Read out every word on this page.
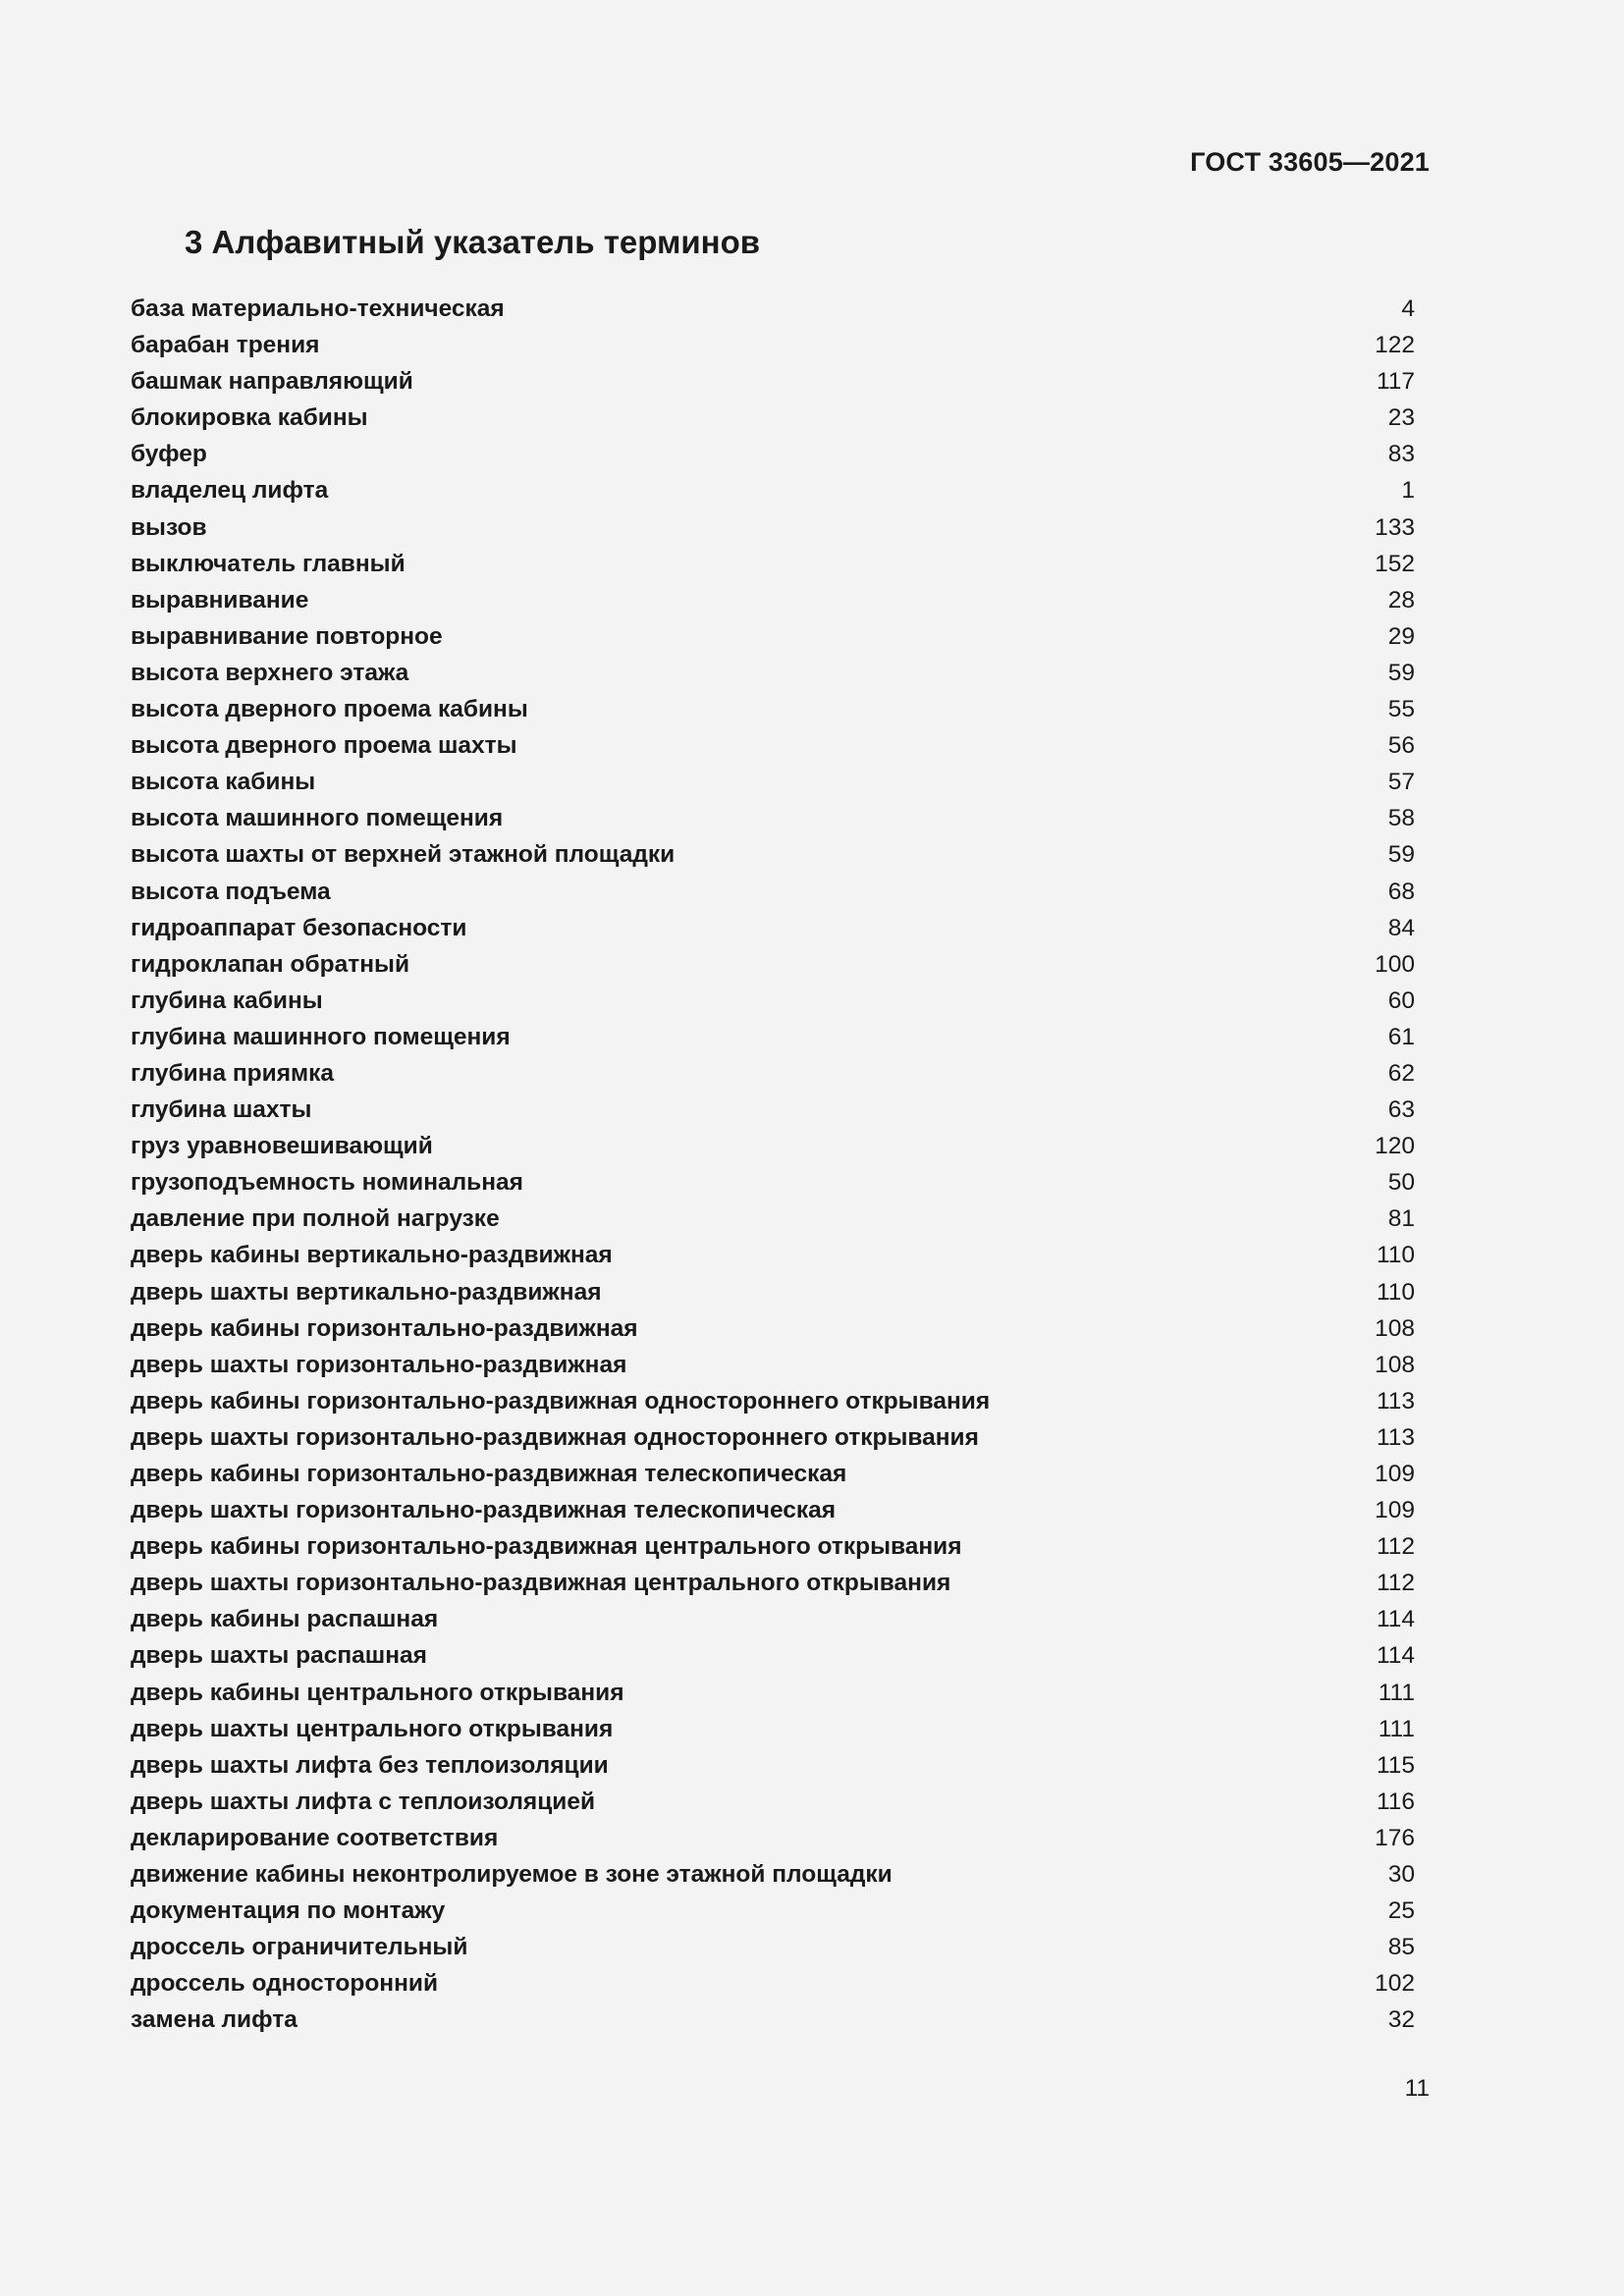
ГОСТ 33605—2021
3 Алфавитный указатель терминов
база материально-техническая	4
барабан трения	122
башмак направляющий	117
блокировка кабины	23
буфер	83
владелец лифта	1
вызов	133
выключатель главный	152
выравнивание	28
выравнивание повторное	29
высота верхнего этажа	59
высота дверного проема кабины	55
высота дверного проема шахты	56
высота кабины	57
высота машинного помещения	58
высота шахты от верхней этажной площадки	59
высота подъема	68
гидроаппарат безопасности	84
гидроклапан обратный	100
глубина кабины	60
глубина машинного помещения	61
глубина приямка	62
глубина шахты	63
груз уравновешивающий	120
грузоподъемность номинальная	50
давление при полной нагрузке	81
дверь кабины вертикально-раздвижная	110
дверь шахты вертикально-раздвижная	110
дверь кабины горизонтально-раздвижная	108
дверь шахты горизонтально-раздвижная	108
дверь кабины горизонтально-раздвижная одностороннего открывания	113
дверь шахты горизонтально-раздвижная одностороннего открывания	113
дверь кабины горизонтально-раздвижная телескопическая	109
дверь шахты горизонтально-раздвижная телескопическая	109
дверь кабины горизонтально-раздвижная центрального открывания	112
дверь шахты горизонтально-раздвижная центрального открывания	112
дверь кабины распашная	114
дверь шахты распашная	114
дверь кабины центрального открывания	111
дверь шахты центрального открывания	111
дверь шахты лифта без теплоизоляции	115
дверь шахты лифта с теплоизоляцией	116
декларирование соответствия	176
движение кабины неконтролируемое в зоне этажной площадки	30
документация по монтажу	25
дроссель ограничительный	85
дроссель односторонний	102
замена лифта	32
11
